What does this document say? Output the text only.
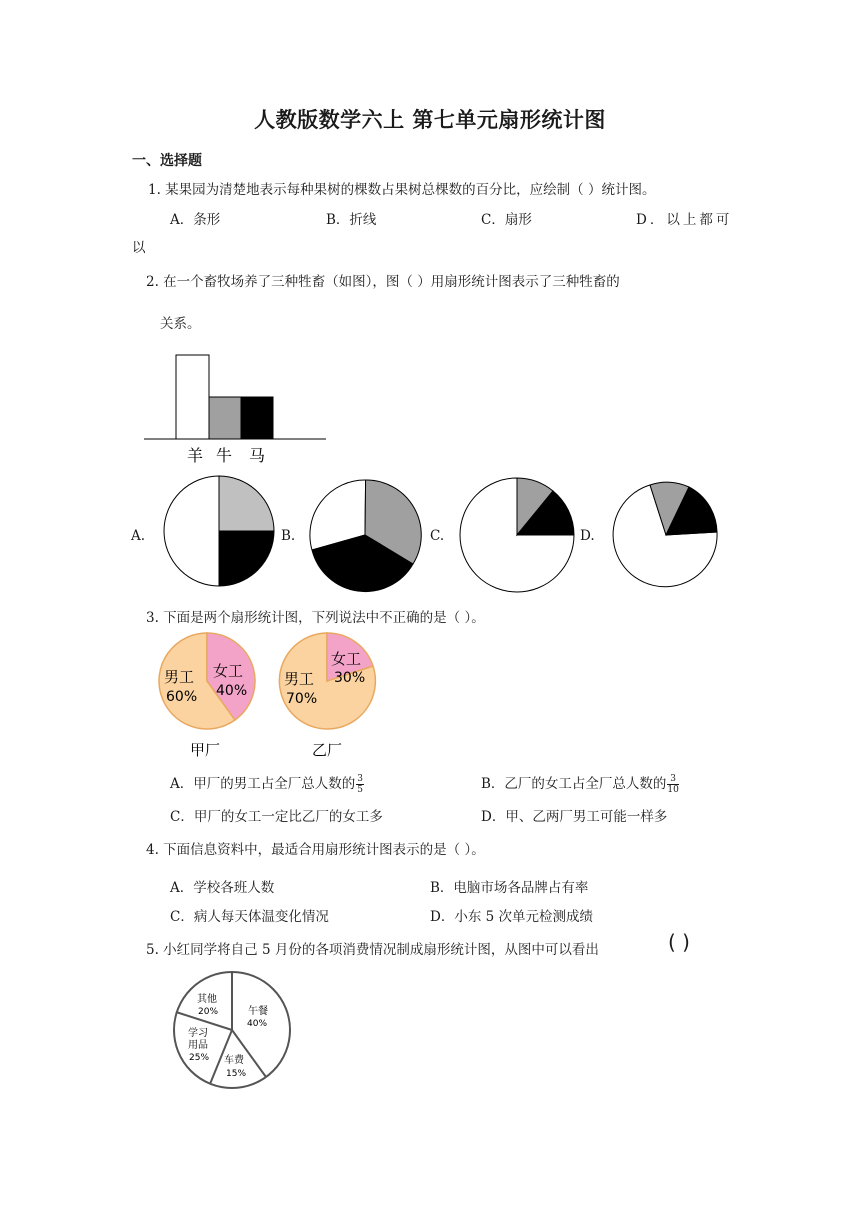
人教版数学六上 第七单元扇形统计图
一、选择题
1. 某果园为清楚地表示每种果树的棵数占果树总棵数的百分比，应绘制（ ）统计图。
A．条形	B．折线	C．扇形	D．以上都可
以
2. 在一个畜牧场养了三种牲畜（如图），图（ ）用扇形统计图表示了三种牲畜的
关系。
羊 牛 马
A.	B.	C.	D.
3. 下面是两个扇形统计图，下列说法中不正确的是（ ）。
男工
60%
女工
40%
甲厂
男工
70%
女工
30%
乙厂
A．甲厂的男工占全厂总人数的 $\frac{3}{5}$	B．乙厂的女工占全厂总人数的 $\frac{3}{10}$
C．甲厂的女工一定比乙厂的女工多	D．甲、乙两厂男工可能一样多
4. 下面信息资料中，最适合用扇形统计图表示的是（ ）。
A．学校各班人数	B．电脑市场各品牌占有率
C．病人每天体温变化情况	D．小东 5 次单元检测成绩
5. 小红同学将自己 5 月份的各项消费情况制成扇形统计图，从图中可以看出	( )
其他
20%	午餐
40%
学习
用品
25% 车费
15%
